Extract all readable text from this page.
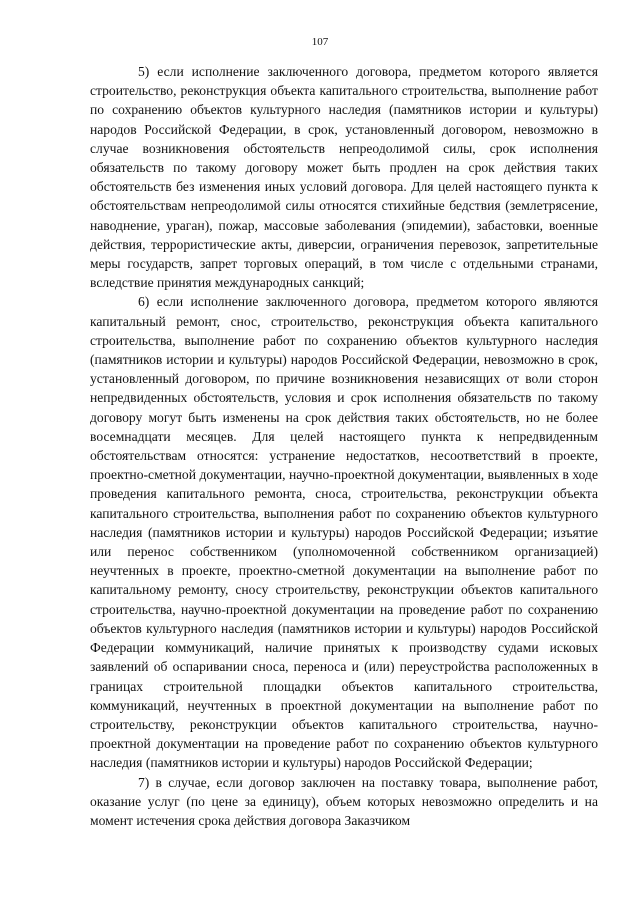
107

5) если исполнение заключенного договора, предметом которого является строительство, реконструкция объекта капитального строительства, выполнение работ по сохранению объектов культурного наследия (памятников истории и культуры) народов Российской Федерации, в срок, установленный договором, невозможно в случае возникновения обстоятельств непреодолимой силы, срок исполнения обязательств по такому договору может быть продлен на срок действия таких обстоятельств без изменения иных условий договора. Для целей настоящего пункта к обстоятельствам непреодолимой силы относятся стихийные бедствия (землетрясение, наводнение, ураган), пожар, массовые заболевания (эпидемии), забастовки, военные действия, террористические акты, диверсии, ограничения перевозок, запретительные меры государств, запрет торговых операций, в том числе с отдельными странами, вследствие принятия международных санкций;

6) если исполнение заключенного договора, предметом которого являются капитальный ремонт, снос, строительство, реконструкция объекта капитального строительства, выполнение работ по сохранению объектов культурного наследия (памятников истории и культуры) народов Российской Федерации, невозможно в срок, установленный договором, по причине возникновения независящих от воли сторон непредвиденных обстоятельств, условия и срок исполнения обязательств по такому договору могут быть изменены на срок действия таких обстоятельств, но не более восемнадцати месяцев. Для целей настоящего пункта к непредвиденным обстоятельствам относятся: устранение недостатков, несоответствий в проекте, проектно-сметной документации, научно-проектной документации, выявленных в ходе проведения капитального ремонта, сноса, строительства, реконструкции объекта капитального строительства, выполнения работ по сохранению объектов культурного наследия (памятников истории и культуры) народов Российской Федерации; изъятие или перенос собственником (уполномоченной собственником организацией) неучтенных в проекте, проектно-сметной документации на выполнение работ по капитальному ремонту, сносу строительству, реконструкции объектов капитального строительства, научно-проектной документации на проведение работ по сохранению объектов культурного наследия (памятников истории и культуры) народов Российской Федерации коммуникаций, наличие принятых к производству судами исковых заявлений об оспаривании сноса, переноса и (или) переустройства расположенных в границах строительной площадки объектов капитального строительства, коммуникаций, неучтенных в проектной документации на выполнение работ по строительству, реконструкции объектов капитального строительства, научно-проектной документации на проведение работ по сохранению объектов культурного наследия (памятников истории и культуры) народов Российской Федерации;

7) в случае, если договор заключен на поставку товара, выполнение работ, оказание услуг (по цене за единицу), объем которых невозможно определить и на момент истечения срока действия договора Заказчиком
